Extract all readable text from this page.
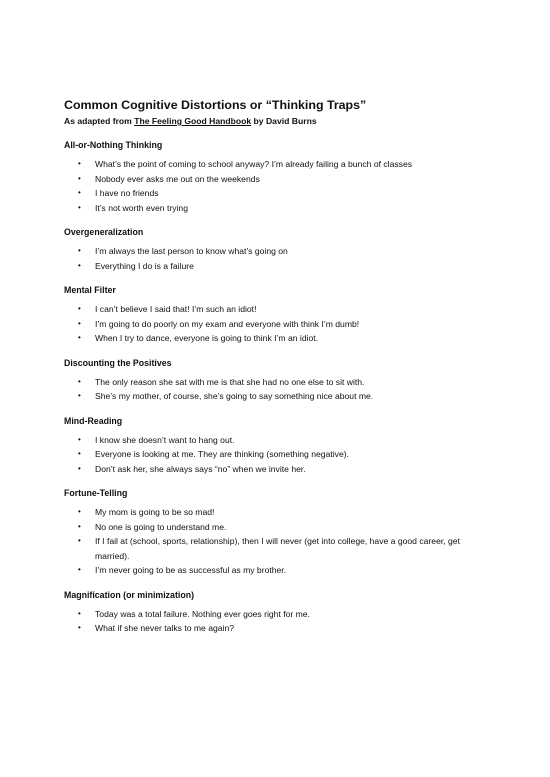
Common Cognitive Distortions or “Thinking Traps”

As adapted from The Feeling Good Handbook by David Burns

All-or-Nothing Thinking
• What’s the point of coming to school anyway? I’m already failing a bunch of classes
• Nobody ever asks me out on the weekends
• I have no friends
• It’s not worth even trying
Overgeneralization
• I’m always the last person to know what’s going on
• Everything I do is a failure
Mental Filter
• I can’t believe I said that! I’m such an idiot!
• I’m going to do poorly on my exam and everyone with think I’m dumb!
• When I try to dance, everyone is going to think I’m an idiot.
Discounting the Positives
• The only reason she sat with me is that she had no one else to sit with.
• She’s my mother, of course, she’s going to say something nice about me.
Mind-Reading
• I know she doesn’t want to hang out.
• Everyone is looking at me. They are thinking (something negative).
• Don’t ask her, she always says “no” when we invite her.
Fortune-Telling
• My mom is going to be so mad!
• No one is going to understand me.
• If I fail at (school, sports, relationship), then I will never (get into college, have a good career, get married).
• I’m never going to be as successful as my brother.
Magnification (or minimization)
• Today was a total failure. Nothing ever goes right for me.
• What if she never talks to me again?
